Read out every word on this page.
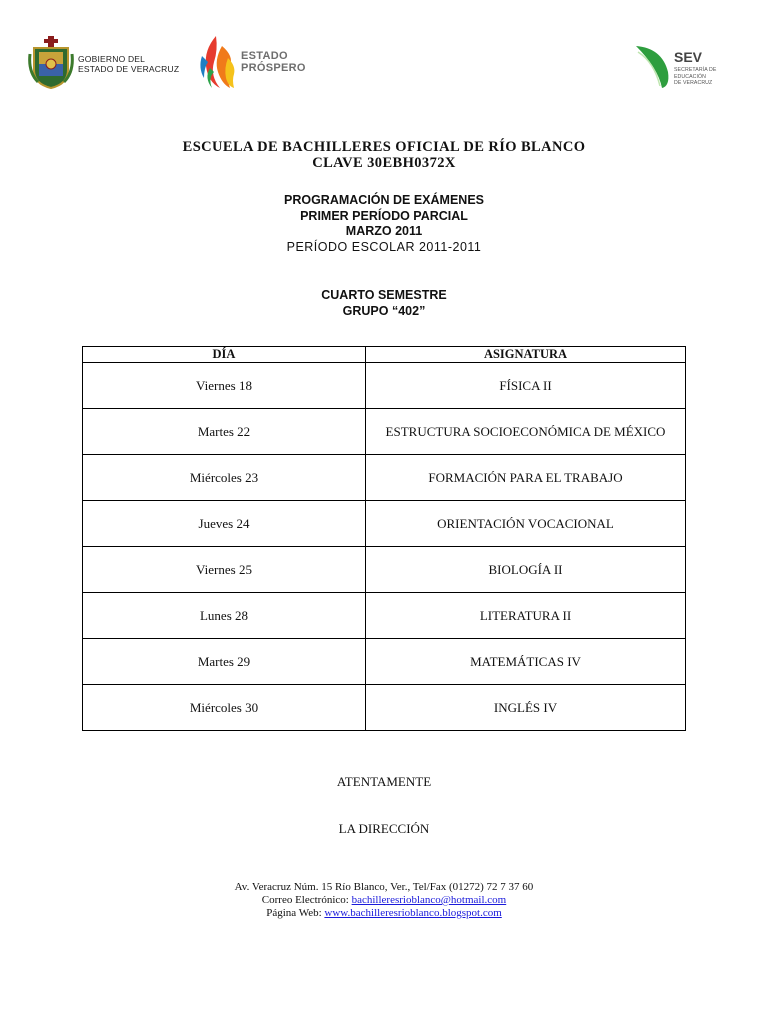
GOBIERNO DEL
ESTADO DE VERACRUZ
ESTADO
PRÓSPERO
SEV
SECRETARÍA DE EDUCACIÓN
DE VERACRUZ
ESCUELA DE BACHILLERES OFICIAL DE RÍO BLANCO
CLAVE 30EBH0372X
PROGRAMACIÓN DE EXÁMENES
PRIMER PERÍODO PARCIAL
MARZO 2011
PERÍODO ESCOLAR 2011-2011
CUARTO SEMESTRE
GRUPO “402”
DÍA	ASIGNATURA
Viernes 18	FÍSICA II
Martes 22	ESTRUCTURA SOCIOECONÓMICA DE MÉXICO
Miércoles 23	FORMACIÓN PARA EL TRABAJO
Jueves 24	ORIENTACIÓN VOCACIONAL
Viernes 25	BIOLOGÍA II
Lunes 28	LITERATURA II
Martes 29	MATEMÁTICAS IV
Miércoles 30	INGLÉS IV
ATENTAMENTE
LA DIRECCIÓN
Av. Veracruz Núm. 15 Río Blanco, Ver., Tel/Fax (01272) 72 7 37 60
Correo Electrónico: bachilleresrioblanco@hotmail.com
Página Web: www.bachilleresrioblanco.blogspot.com
